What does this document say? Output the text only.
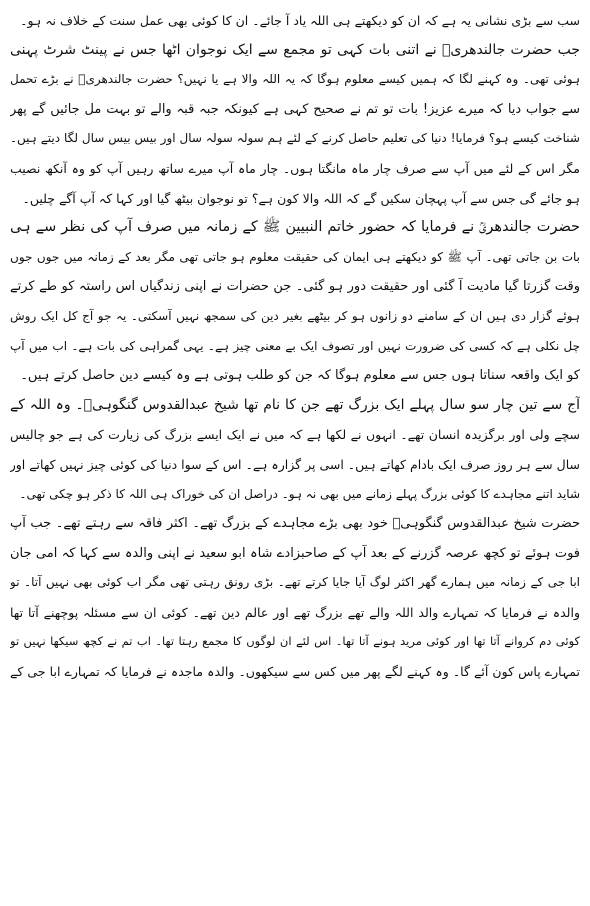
سب سے بڑی نشانی یہ ہے کہ ان کو دیکھتے ہی اللہ یاد آ جائے۔ ان کا کوئی بھی عمل سنت کے خلاف نہ ہو۔
جب حضرت جالندھریؒ نے اتنی بات کہی تو مجمع سے ایک نوجوان اٹھا جس نے پینٹ شرٹ پہنی
ہوئی تھی۔ وہ کہنے لگا کہ ہمیں کیسے معلوم ہوگا کہ یہ اللہ والا ہے یا نہیں؟ حضرت جالندھریؒ نے بڑے تحمل
سے جواب دیا کہ میرے عزیز! بات تو تم نے صحیح کہی ہے کیونکہ جبہ قبہ والے تو بہت مل جائیں گے پھر
شناخت کیسے ہو؟ فرمایا! دنیا کی تعلیم حاصل کرنے کے لئے ہم سولہ سولہ سال اور بیس بیس سال لگا دیتے ہیں۔
مگر اس کے لئے میں آپ سے صرف چار ماہ مانگتا ہوں۔ چار ماہ آپ میرے ساتھ رہیں آپ کو وہ آنکھ نصیب
ہو جائے گی جس سے آپ پہچان سکیں گے کہ اللہ والا کون ہے؟ تو نوجوان بیٹھ گیا اور کہا کہ آپ آگے چلیں۔
حضرت جالندھریؒ نے فرمایا کہ حضور خاتم النبیین ﷺ کے زمانہ میں صرف آپ کی نظر سے ہی
بات بن جاتی تھی۔ آپ ﷺ کو دیکھتے ہی ایمان کی حقیقت معلوم ہو جاتی تھی مگر بعد کے زمانہ میں جوں جوں
وقت گزرتا گیا مادیت آ گئی اور حقیقت دور ہو گئی۔ جن حضرات نے اپنی زندگیاں اس راستہ کو طے کرتے
ہوئے گزار دی ہیں ان کے سامنے دو زانوں ہو کر بیٹھے بغیر دین کی سمجھ نہیں آسکتی۔ یہ جو آج کل ایک روش
چل نکلی ہے کہ کسی کی ضرورت نہیں اور تصوف ایک بے معنی چیز ہے۔ یہی گمراہی کی بات ہے۔ اب میں آپ
کو ایک واقعہ سناتا ہوں جس سے معلوم ہوگا کہ جن کو طلب ہوتی ہے وہ کیسے دین حاصل کرتے ہیں۔
آج سے تین چار سو سال پہلے ایک بزرگ تھے جن کا نام تھا شیخ عبدالقدوس گنگوہیؒ۔ وہ اللہ کے
سچے ولی اور برگزیدہ انسان تھے۔ انہوں نے لکھا ہے کہ میں نے ایک ایسے بزرگ کی زیارت کی ہے جو چالیس
سال سے ہر روز صرف ایک بادام کھاتے ہیں۔ اسی پر گزارہ ہے۔ اس کے سوا دنیا کی کوئی چیز نہیں کھاتے اور
شاید اتنے مجاہدے کا کوئی بزرگ پہلے زمانے میں بھی نہ ہو۔ دراصل ان کی خوراک ہی اللہ کا ذکر ہو چکی تھی۔
حضرت شیخ عبدالقدوس گنگوہیؒ خود بھی بڑے مجاہدے کے بزرگ تھے۔ اکثر فاقہ سے رہتے تھے۔ جب آپ
فوت ہوئے تو کچھ عرصہ گزرنے کے بعد آپ کے صاحبزادے شاہ ابو سعید نے اپنی والدہ سے کہا کہ امی جان
ابا جی کے زمانہ میں ہمارے گھر اکثر لوگ آیا جایا کرتے تھے۔ بڑی رونق رہتی تھی مگر اب کوئی بھی نہیں آتا۔ تو
والدہ نے فرمایا کہ تمہارے والد اللہ والے تھے بزرگ تھے اور عالم دین تھے۔ کوئی ان سے مسئلہ پوچھنے آتا تھا
کوئی دم کروانے آتا تھا اور کوئی مرید ہونے آتا تھا۔ اس لئے ان لوگوں کا مجمع رہتا تھا۔ اب تم نے کچھ سیکھا نہیں تو
تمہارے پاس کون آئے گا۔ وہ کہنے لگے پھر میں کس سے سیکھوں۔ والدہ ماجدہ نے فرمایا کہ تمہارے ابا جی کے
